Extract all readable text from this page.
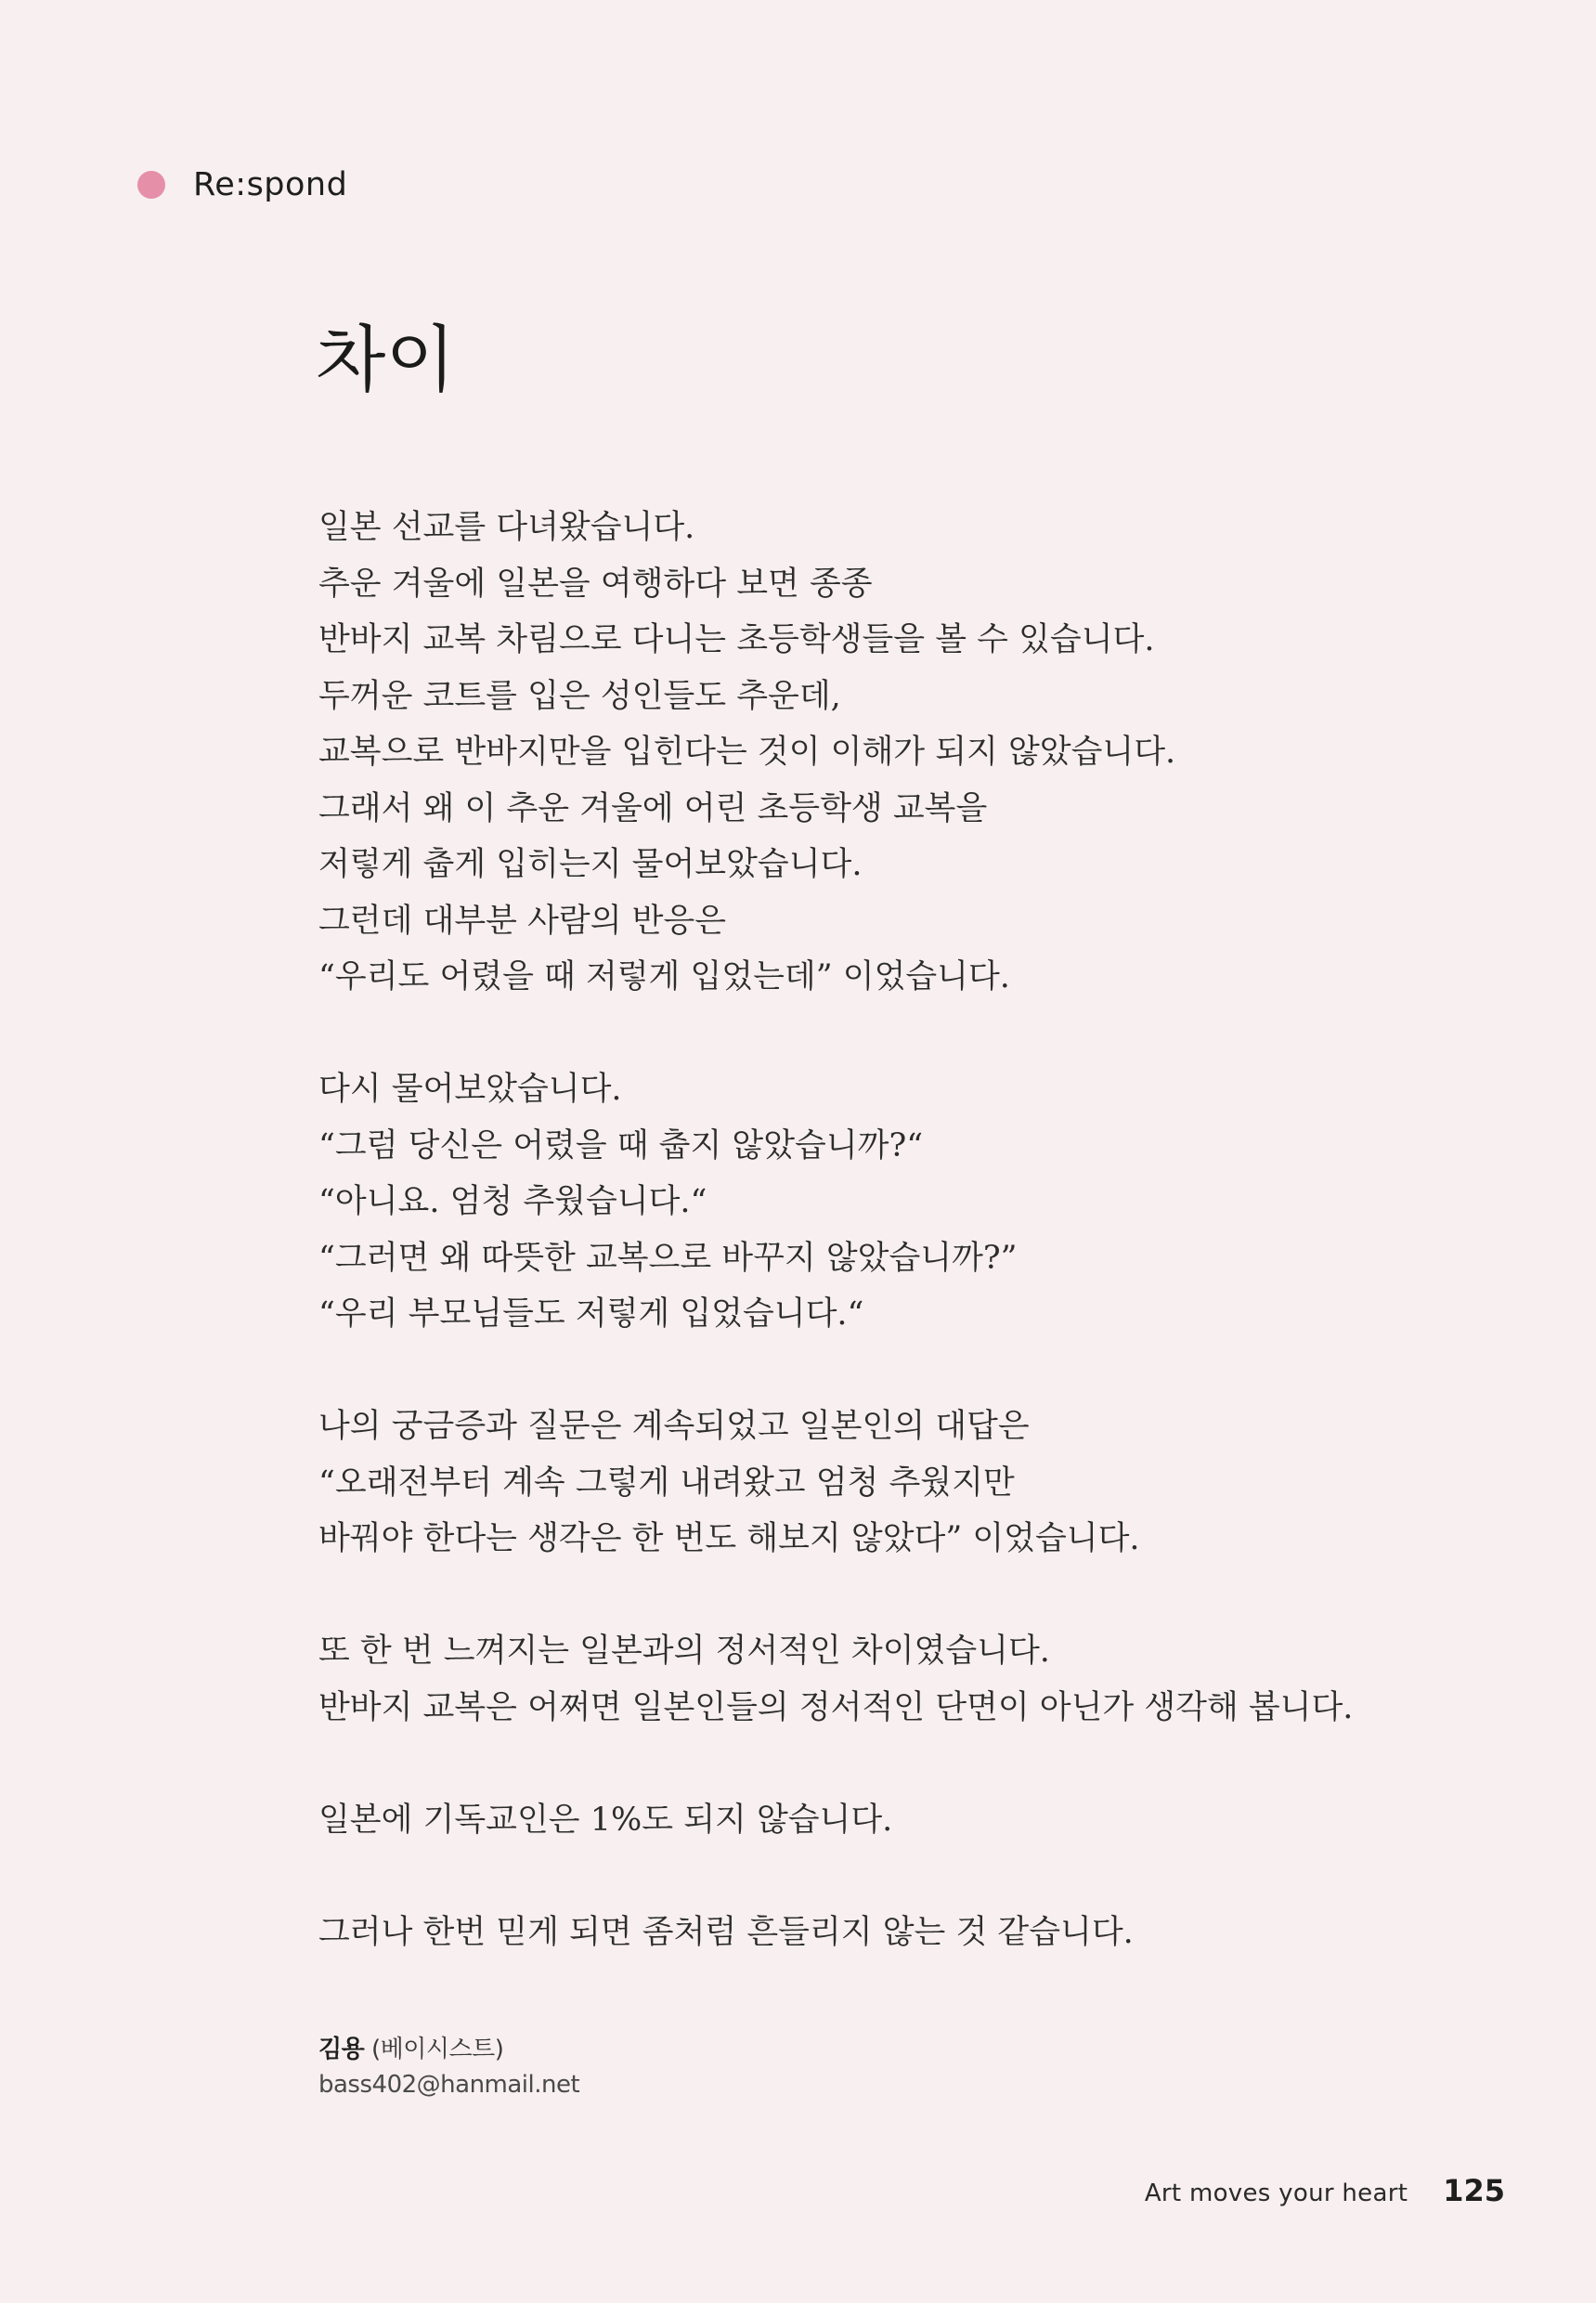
Re:spond
차이
일본 선교를 다녀왔습니다.
추운 겨울에 일본을 여행하다 보면 종종
반바지 교복 차림으로 다니는 초등학생들을 볼 수 있습니다.
두꺼운 코트를 입은 성인들도 추운데,
교복으로 반바지만을 입힌다는 것이 이해가 되지 않았습니다.
그래서 왜 이 추운 겨울에 어린 초등학생 교복을
저렇게 춥게 입히는지 물어보았습니다.
그런데 대부분 사람의 반응은
“우리도 어렸을 때 저렇게 입었는데” 이었습니다.
다시 물어보았습니다.
“그럼 당신은 어렸을 때 춥지 않았습니까?“
“아니요. 엄청 추웠습니다.“
“그러면 왜 따뜻한 교복으로 바꾸지 않았습니까?”
“우리 부모님들도 저렇게 입었습니다.“
나의 궁금증과 질문은 계속되었고 일본인의 대답은
“오래전부터 계속 그렇게 내려왔고 엄청 추웠지만
바꿔야 한다는 생각은 한 번도 해보지 않았다” 이었습니다.
또 한 번 느껴지는 일본과의 정서적인 차이였습니다.
반바지 교복은 어쩌면 일본인들의 정서적인 단면이 아닌가 생각해 봅니다.
일본에 기독교인은 1%도 되지 않습니다.
그러나 한번 믿게 되면 좀처럼 흔들리지 않는 것 같습니다.
김용 (베이시스트)
bass402@hanmail.net
Art moves your heart 125
